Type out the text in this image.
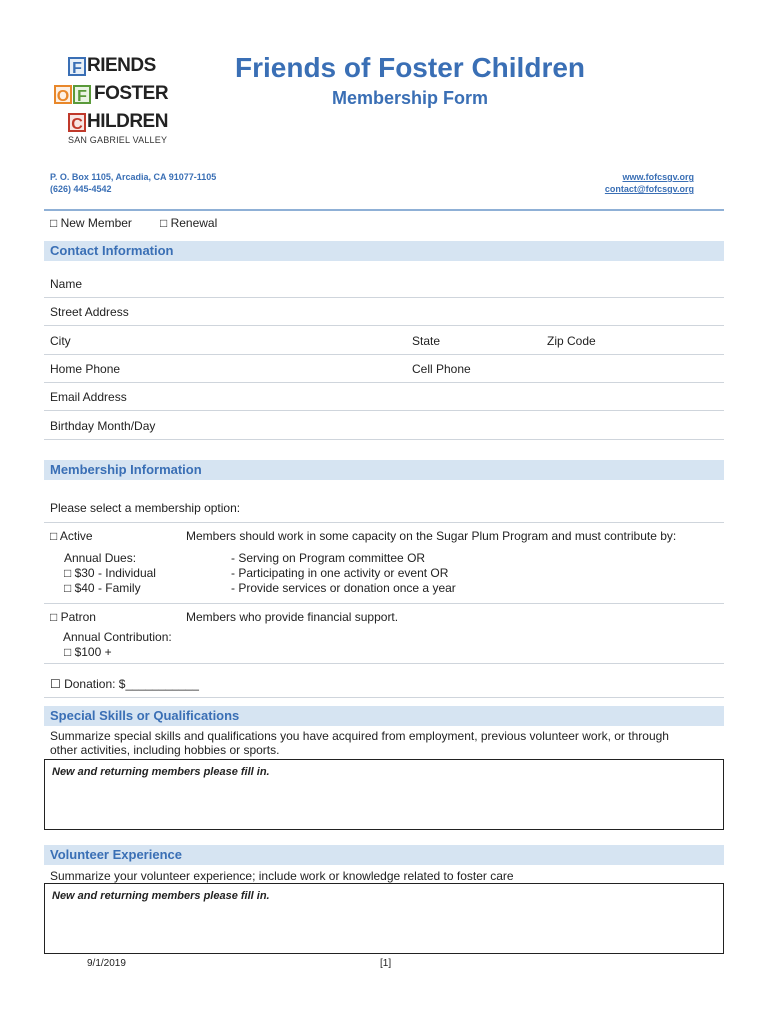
F RIENDS
O F FOSTER
C HILDREN
SAN GABRIEL VALLEY
Friends of Foster Children
Membership Form
P. O. Box 1105, Arcadia, CA 91077-1105
(626) 445-4542
www.fofcsgv.org
contact@fofcsgv.org
□ New Member □ Renewal
Contact Information
Name
Street Address
City	State	Zip Code
Home Phone	Cell Phone
Email Address
Birthday Month/Day
Membership Information
Please select a membership option:
□ Active	Members should work in some capacity on the Sugar Plum Program and must contribute by:
Annual Dues:
□ $30 - Individual
□ $40 - Family
- Serving on Program committee OR
- Participating in one activity or event OR
- Provide services or donation once a year
□ Patron	Members who provide financial support.
Annual Contribution:
□ $100 +
☐ Donation: $___________
Special Skills or Qualifications
Summarize special skills and qualifications you have acquired from employment, previous volunteer work, or through
other activities, including hobbies or sports.
New and returning members please fill in.
Volunteer Experience
Summarize your volunteer experience; include work or knowledge related to foster care
New and returning members please fill in.
9/1/2019	[1]
